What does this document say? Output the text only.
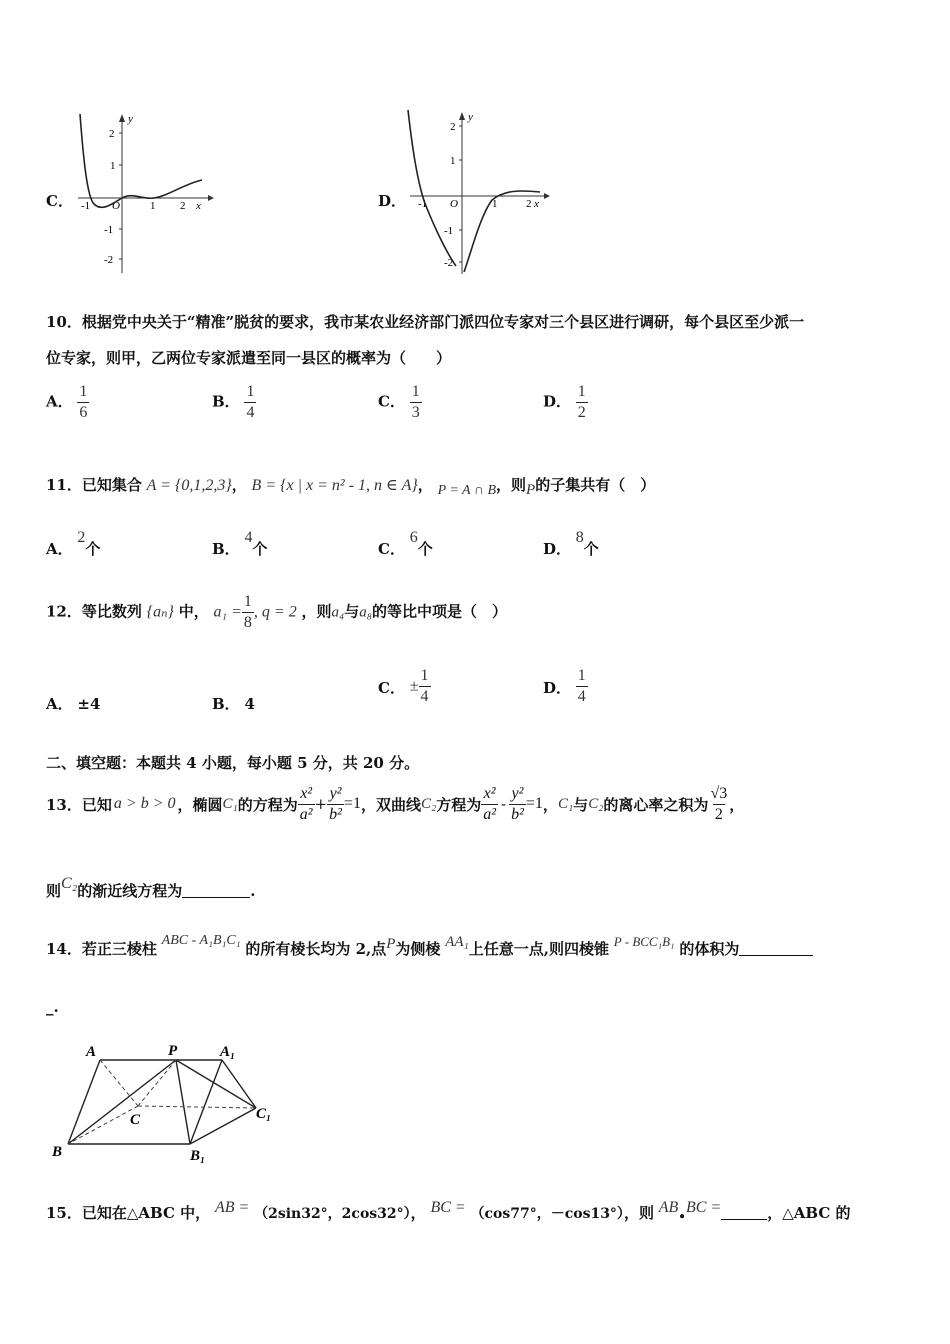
C．
2
1
-1
-2
y
x
O
-1	1 2	D．
2
1
-1
-2
y
x
O
-1	1	2
10．根据党中央关于“精准”脱贫的要求，我市某农业经济部门派四位专家对三个县区进行调研，每个县区至少派一
位专家，则甲，乙两位专家派遣至同一县区的概率为（　　）
A． $\frac{1}{6}$	B． $\frac{1}{4}$	C． $\frac{1}{3}$	D． $\frac{1}{2}$
11．已知集合 A = {0,1,2,3}， B = {x | x = n² - 1, n ∈ A}， P = A ∩ B，则P的子集共有（　）
A． 2个	B． 4个	C． 6个	D． 8个
12．等比数列 {aₙ} 中， $a_1 = \frac{1}{8}$ , q = 2 ，则a₄与a₈的等比中项是（　）
A． ±4	B． 4
C． ± $\frac{1}{4}$	D． $\frac{1}{4}$
二、填空题：本题共 4 小题，每小题 5 分，共 20 分。
13． 已知 a > b > 0 ，椭圆 C₁ 的方程为 $\frac{\text{x²}}{\text{a²}} + \frac{\text{y²}}{\text{b²}} =1$ ，双曲线 C₂ 方程为 $\frac{\text{x²}}{\text{a²}} - \frac{\text{y²}}{\text{b²}} =1$ ， C₁ 与 C₂ 的离心率之积为 $\frac{√3}{2}$ ，
则C₂的渐近线方程为	.
14．若正三棱柱 ABC - A₁B₁C₁ 的所有棱长均为 2,点P为侧棱 AA₁上任意一点,则四棱锥 P - BCC₁B₁ 的体积为
_.
A	P	A₁
C	C₁
B	B₁
15．已知在△ABC 中， AB = （2sin32°，2cos32°）， BC = （cos77°，－cos13°），则 AB.BC =	，△ABC 的
